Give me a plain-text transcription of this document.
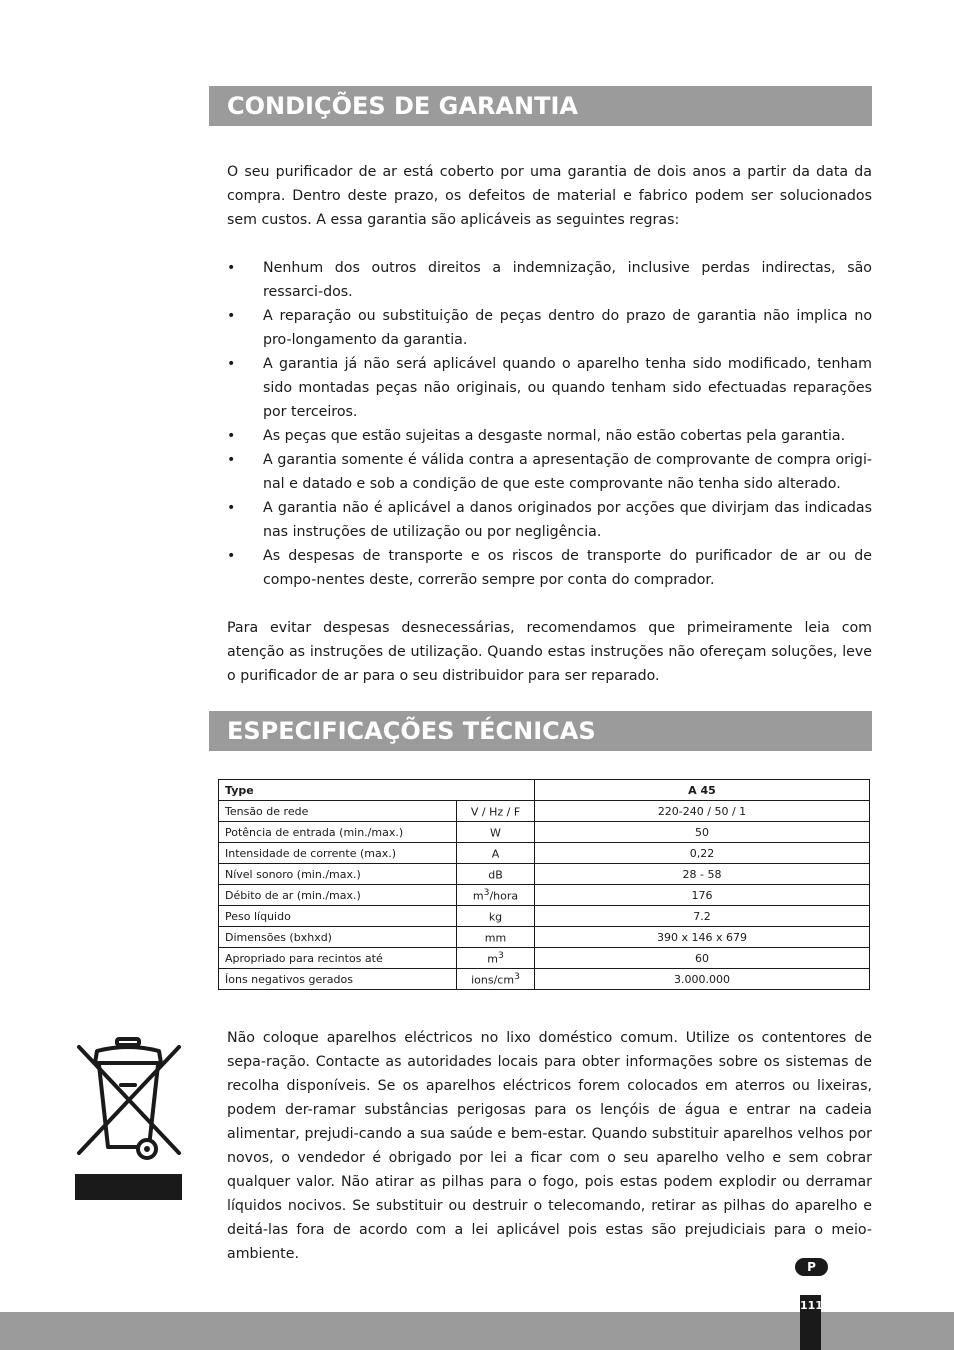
CONDIÇÕES DE GARANTIA

O seu purificador de ar está coberto por uma garantia de dois anos a partir da data da compra. Dentro deste prazo, os defeitos de material e fabrico podem ser solucionados sem custos. A essa garantia são aplicáveis as seguintes regras:

• Nenhum dos outros direitos a indemnização, inclusive perdas indirectas, são ressarci-dos.
• A reparação ou substituição de peças dentro do prazo de garantia não implica no pro-longamento da garantia.
• A garantia já não será aplicável quando o aparelho tenha sido modificado, tenham sido montadas peças não originais, ou quando tenham sido efectuadas reparações por terceiros.
• As peças que estão sujeitas a desgaste normal, não estão cobertas pela garantia.
• A garantia somente é válida contra a apresentação de comprovante de compra origi-nal e datado e sob a condição de que este comprovante não tenha sido alterado.
• A garantia não é aplicável a danos originados por acções que divirjam das indicadas nas instruções de utilização ou por negligência.
• As despesas de transporte e os riscos de transporte do purificador de ar ou de compo-nentes deste, correrão sempre por conta do comprador.

Para evitar despesas desnecessárias, recomendamos que primeiramente leia com atenção as instruções de utilização. Quando estas instruções não ofereçam soluções, leve o purificador de ar para o seu distribuidor para ser reparado.

ESPECIFICAÇÕES TÉCNICAS
Type		A 45
Tensão de rede	V / Hz / F	220-240 / 50 / 1
Potência de entrada (min./max.)	W	50
Intensidade de corrente (max.)	A	0,22
Nível sonoro (min./max.)	dB	28 - 58
Débito de ar (min./max.)	$m^3$/hora	176
Peso líquido	kg	7.2
Dimensões (bxhxd)	mm	390 x 146 x 679
Apropriado para recintos até	$m^3$	60
Íons negativos gerados	ions/$cm^3$	3.000.000

Não coloque aparelhos eléctricos no lixo doméstico comum. Utilize os contentores de sepa-ração. Contacte as autoridades locais para obter informações sobre os sistemas de recolha disponíveis. Se os aparelhos eléctricos forem colocados em aterros ou lixeiras, podem der-ramar substâncias perigosas para os lençóis de água e entrar na cadeia alimentar, prejudi-cando a sua saúde e bem-estar. Quando substituir aparelhos velhos por novos, o vendedor é obrigado por lei a ficar com o seu aparelho velho e sem cobrar qualquer valor. Não atirar as pilhas para o fogo, pois estas podem explodir ou derramar líquidos nocivos. Se substituir ou destruir o telecomando, retirar as pilhas do aparelho e deitá-las fora de acordo com a lei aplicável pois estas são prejudiciais para o meio-ambiente.

P
111
